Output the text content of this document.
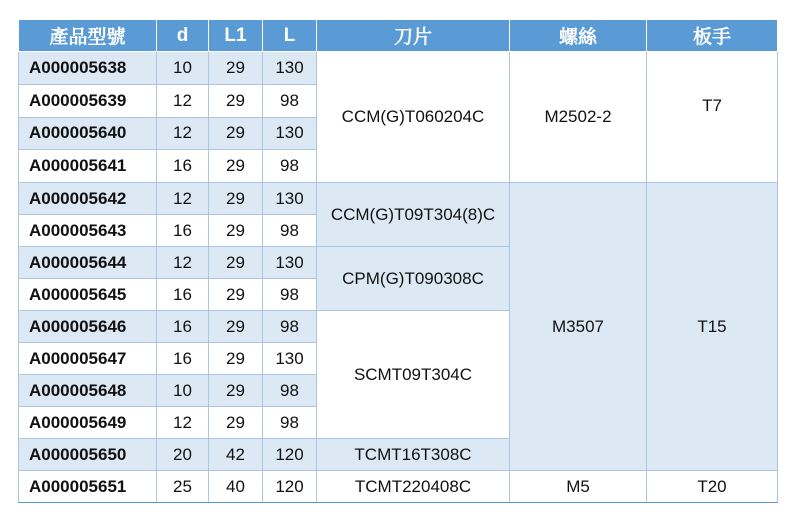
產品型號	d	L1	L	刀片	螺絲	板手
A000005638	10	29	130	CCM(G)T060204C	M2502-2	T7
A000005639	12	29	98			
A000005640	12	29	130			
A000005641	16	29	98			
A000005642	12	29	130	CCM(G)T09T304(8)C	M3507	T15
A000005643	16	29	98			
A000005644	12	29	130	CPM(G)T090308C		
A000005645	16	29	98			
A000005646	16	29	98	SCMT09T304C		
A000005647	16	29	130			
A000005648	10	29	98			
A000005649	12	29	98			
A000005650	20	42	120	TCMT16T308C		
A000005651	25	40	120	TCMT220408C	M5	T20
